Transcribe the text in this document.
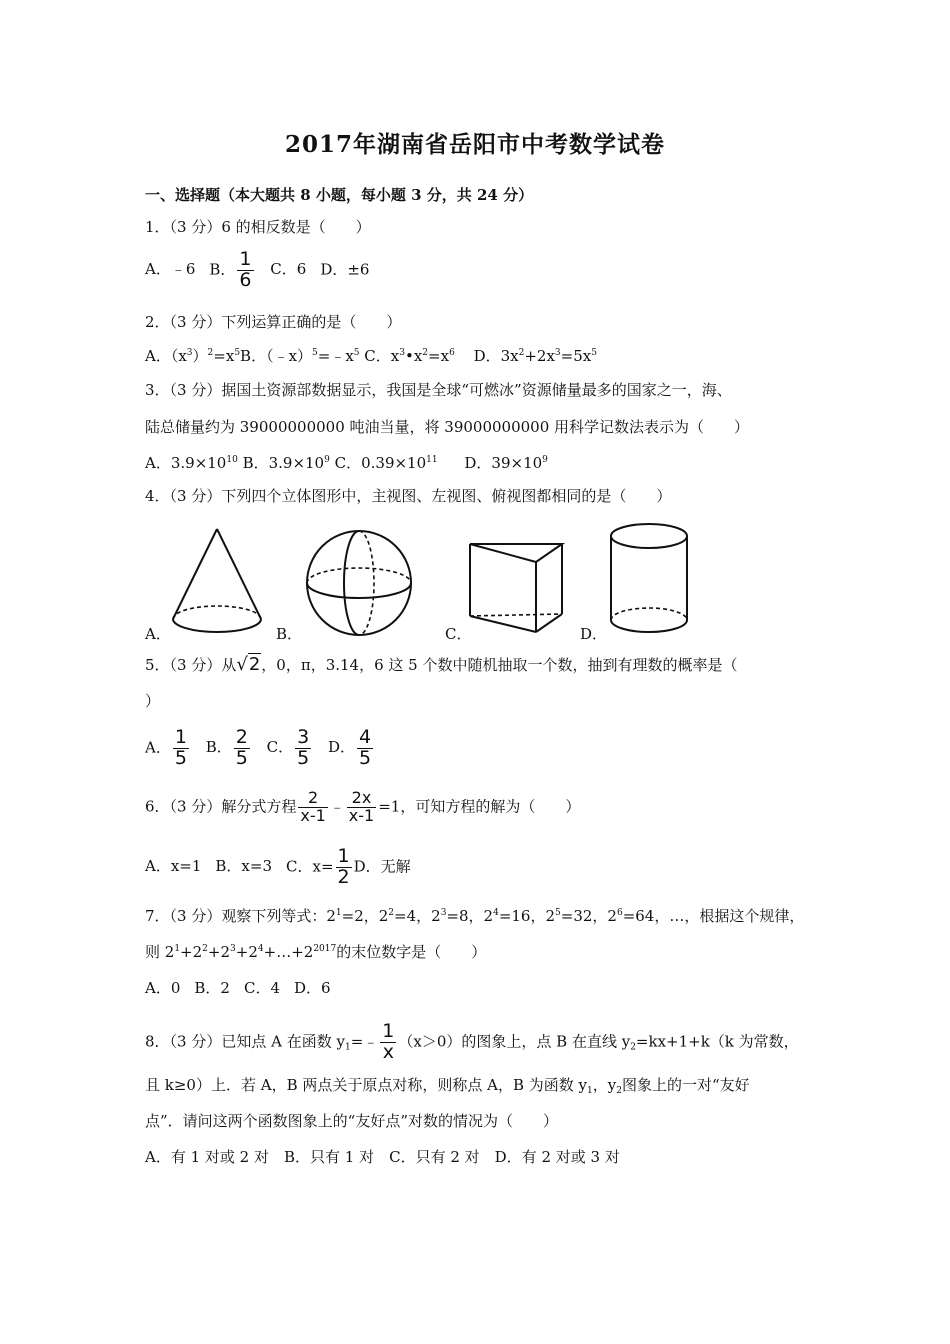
2017年湖南省岳阳市中考数学试卷
一、选择题（本大题共 8 小题，每小题 3 分，共 24 分）
1．（3 分）6 的相反数是（　　）
A．﹣6 B． $\frac{1}{6}$ C．6 D．±6
2．（3 分）下列运算正确的是（　　）
A．$(x^3)^2=x^5B$．$(﹣x)^5=﹣x^5$ C．$x^3•x^2=x^6$ D．$3x^2+2x^3=5x^5$
3．（3 分）据国土资源部数据显示，我国是全球“可燃冰”资源储量最多的国家之一，海、
陆总储量约为 39000000000 吨油当量，将 39000000000 用科学记数法表示为（　　）
A．$3.9\times 10^{10}$ B．$3.9\times 10^9$ C．$0.39\times 10^{11}$ D．$39\times 10^9$
4．（3 分）下列四个立体图形中，主视图、左视图、俯视图都相同的是（　　）
A．	B．	C．	D．
5．（3 分）从√2，0，π，3.14，6 这 5 个数中随机抽取一个数，抽到有理数的概率是（
）
A． $\frac{1}{5}$ B． $\frac{2}{5}$ C． $\frac{3}{5}$ D． $\frac{4}{5}$
6．（3 分）解分式方程 $\frac{2}{x-1}$ ﹣ $\frac{2x}{x-1} =1$，可知方程的解为（　　）
A．x=1 B．x=3 C．$x= \frac{1}{2}$ D．无解
7．（3 分）观察下列等式：$2^1=2$，$2^2=4$，$2^3=8$，$2^4=16$，$2^5=32$，$2^6=64$，…，根据这个规律，
则 $2^1+2^2+2^3+2^4+\dots+2^{2017}$的末位数字是（　　）
A．0 B．2 C．4 D．6
8．（3 分）已知点 A 在函数 $y_1=﹣ \frac{1}{x} (x>0)$的图象上，点 B 在直线 $y_2=kx+1+k(k$ 为常数，
且 k≥0）上．若 A，B 两点关于原点对称，则称点 A，B 为函数 $y_1$，$y_2$图象上的一对“友好
点”．请问这两个函数图象上的“友好点”对数的情况为（　　）
A．有 1 对或 2 对　B．只有 1 对　C．只有 2 对　D．有 2 对或 3 对
